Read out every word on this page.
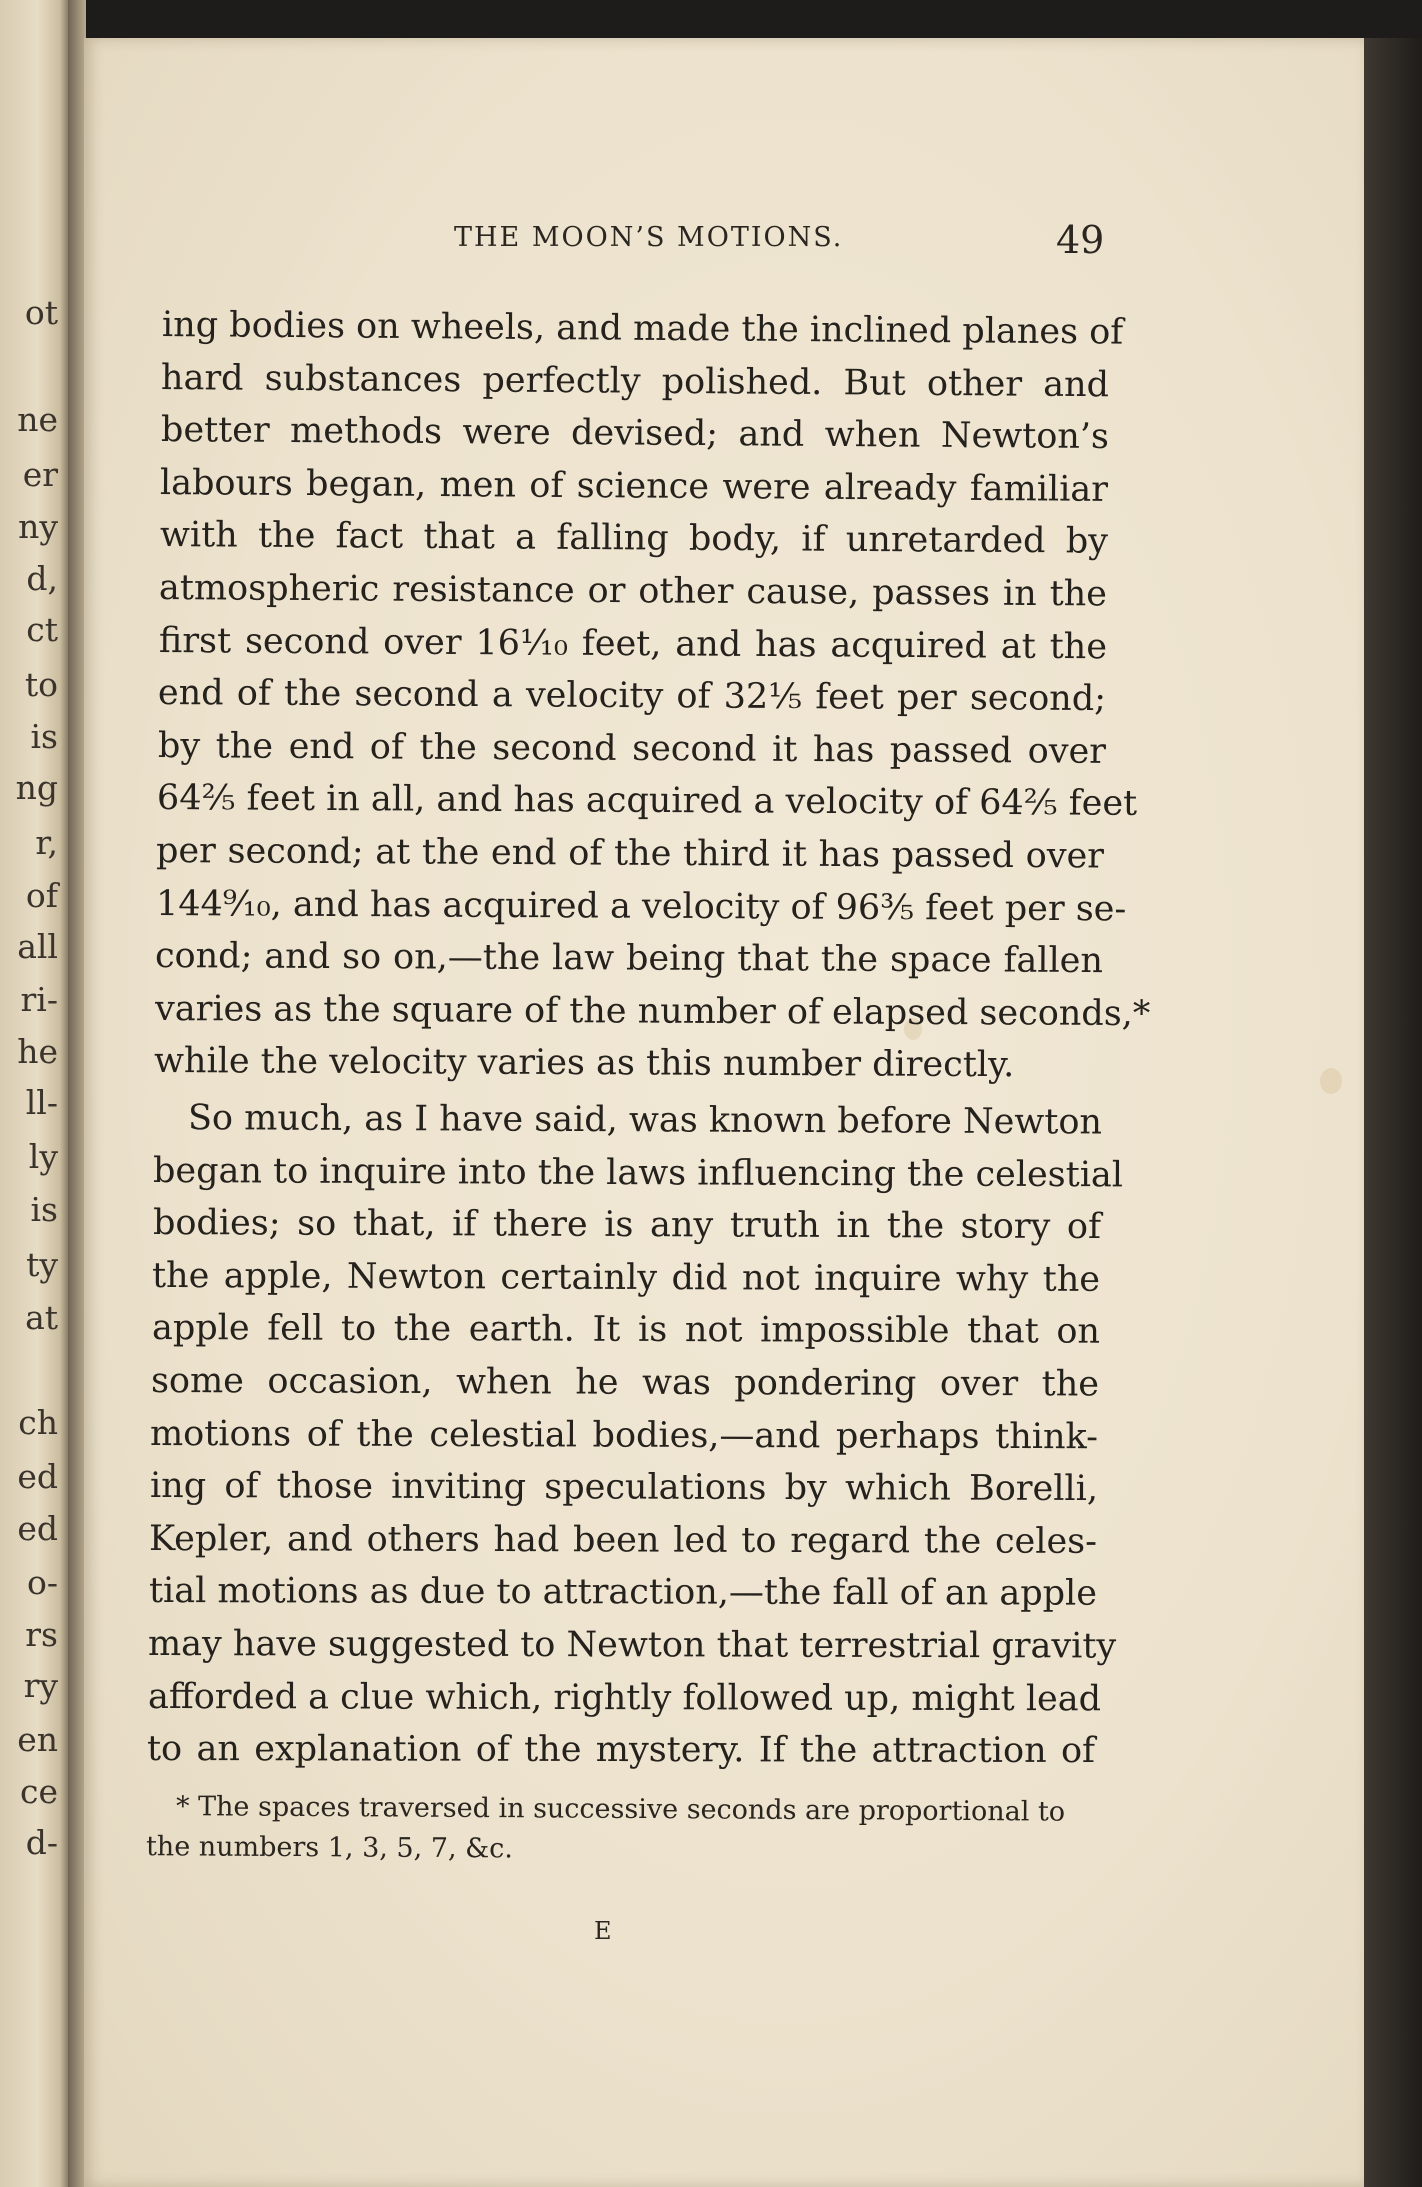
ot
ne
er
ny
d,
ct
to
is
ng
r,
of
all
ri-
he
ll-
ly
is
ty
at
ch
ed
ed
o-
rs
ry
en
ce
d-
THE MOON’S MOTIONS.	49
ing bodies on wheels, and made the inclined planes of
hard substances perfectly polished. But other and
better methods were devised; and when Newton’s
labours began, men of science were already familiar
with the fact that a falling body, if unretarded by
atmospheric resistance or other cause, passes in the
first second over 16¹⁄₁₀ feet, and has acquired at the
end of the second a velocity of 32¹⁄₅ feet per second;
by the end of the second second it has passed over
64²⁄₅ feet in all, and has acquired a velocity of 64²⁄₅ feet
per second; at the end of the third it has passed over
144⁹⁄₁₀, and has acquired a velocity of 96³⁄₅ feet per se-
cond; and so on,—the law being that the space fallen
varies as the square of the number of elapsed seconds,*
while the velocity varies as this number directly.
So much, as I have said, was known before Newton
began to inquire into the laws influencing the celestial
bodies; so that, if there is any truth in the story of
the apple, Newton certainly did not inquire why the
apple fell to the earth. It is not impossible that on
some occasion, when he was pondering over the
motions of the celestial bodies,—and perhaps think-
ing of those inviting speculations by which Borelli,
Kepler, and others had been led to regard the celes-
tial motions as due to attraction,—the fall of an apple
may have suggested to Newton that terrestrial gravity
afforded a clue which, rightly followed up, might lead
to an explanation of the mystery. If the attraction of
* The spaces traversed in successive seconds are proportional to
the numbers 1, 3, 5, 7, &c.
E
